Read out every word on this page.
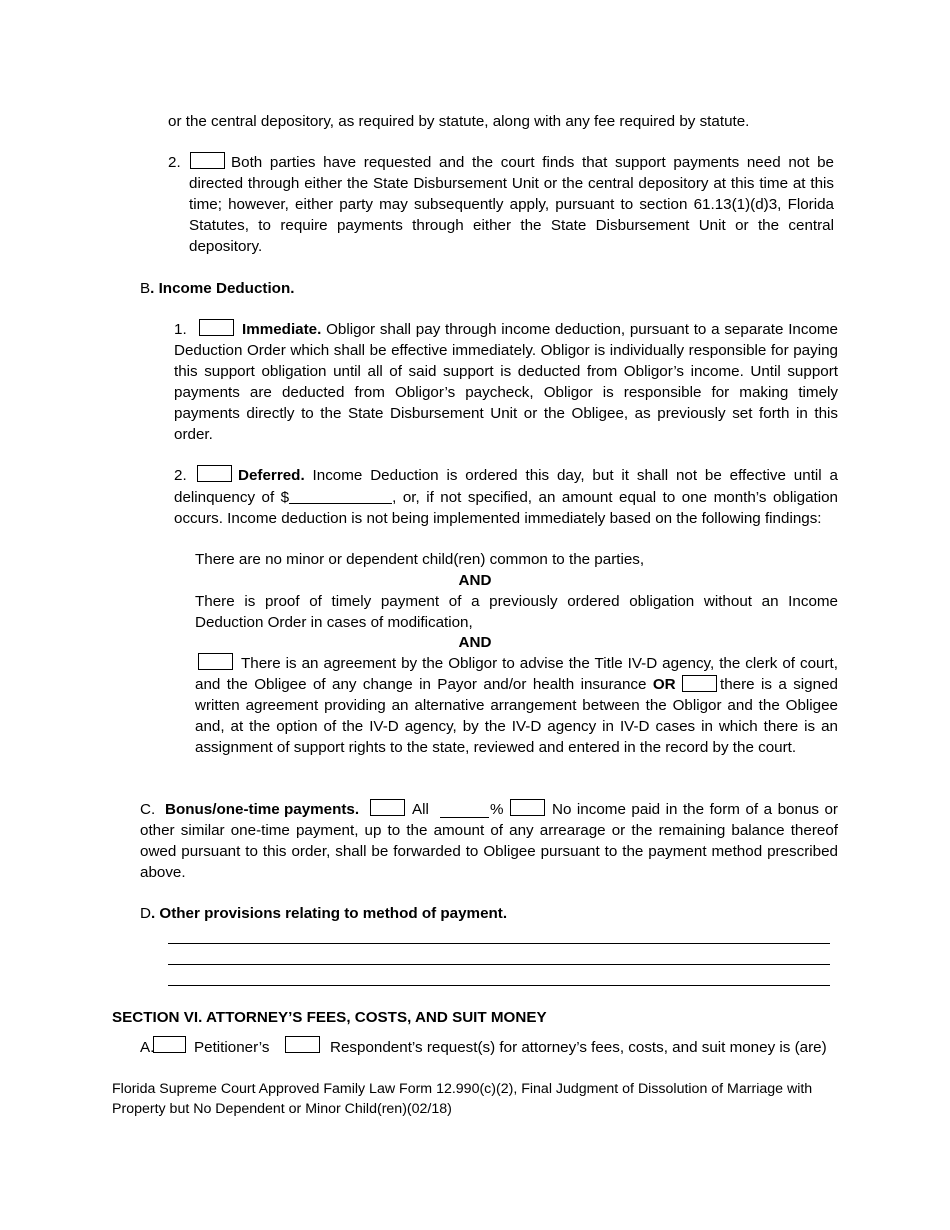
or the central depository, as required by statute, along with any fee required by statute.
2.	Both parties have requested and the court finds that support payments need not be directed through either the State Disbursement Unit or the central depository at this time at this time; however, either party may subsequently apply, pursuant to section 61.13(1)(d)3, Florida Statutes, to require payments through either the State Disbursement Unit or the central depository.
B. Income Deduction.
1.	Immediate. Obligor shall pay through income deduction, pursuant to a separate Income Deduction Order which shall be effective immediately. Obligor is individually responsible for paying this support obligation until all of said support is deducted from Obligor’s income. Until support payments are deducted from Obligor’s paycheck, Obligor is responsible for making timely payments directly to the State Disbursement Unit or the Obligee, as previously set forth in this order.
2.	Deferred. Income Deduction is ordered this day, but it shall not be effective until a delinquency of $	, or, if not specified, an amount equal to one month’s obligation occurs. Income deduction is not being implemented immediately based on the following findings:
There are no minor or dependent child(ren) common to the parties,
AND
There is proof of timely payment of a previously ordered obligation without an Income Deduction Order in cases of modification,
AND
There is an agreement by the Obligor to advise the Title IV-D agency, the clerk of court, and the Obligee of any change in Payor and/or health insurance OR	there is a signed written agreement providing an alternative arrangement between the Obligor and the Obligee and, at the option of the IV-D agency, by the IV-D agency in IV-D cases in which there is an assignment of support rights to the state, reviewed and entered in the record by the court.
C. Bonus/one-time payments.	All	%	No income paid in the form of a bonus or other similar one-time payment, up to the amount of any arrearage or the remaining balance thereof owed pursuant to this order, shall be forwarded to Obligee pursuant to the payment method prescribed above.
D. Other provisions relating to method of payment.
SECTION VI. ATTORNEY’S FEES, COSTS, AND SUIT MONEY
A.	Petitioner’s	Respondent’s request(s) for attorney’s fees, costs, and suit money is (are)
Florida Supreme Court Approved Family Law Form 12.990(c)(2), Final Judgment of Dissolution of Marriage with
Property but No Dependent or Minor Child(ren)(02/18)
